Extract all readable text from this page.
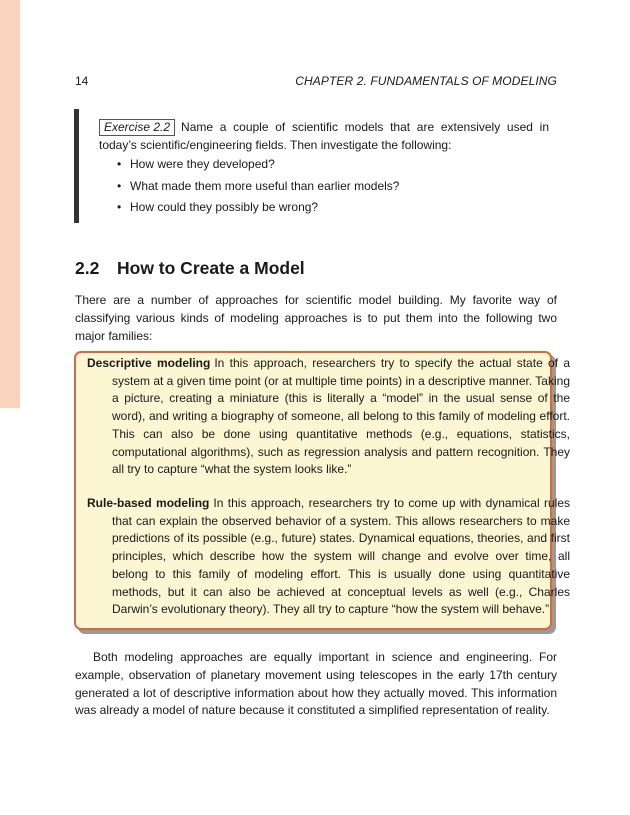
14	CHAPTER 2. FUNDAMENTALS OF MODELING
Exercise 2.2 Name a couple of scientific models that are extensively used in today’s scientific/engineering fields. Then investigate the following:
• How were they developed?
• What made them more useful than earlier models?
• How could they possibly be wrong?
2.2 How to Create a Model

There are a number of approaches for scientific model building. My favorite way of classifying various kinds of modeling approaches is to put them into the following two major families:

Descriptive modeling In this approach, researchers try to specify the actual state of a system at a given time point (or at multiple time points) in a descriptive manner. Taking a picture, creating a miniature (this is literally a “model” in the usual sense of the word), and writing a biography of someone, all belong to this family of modeling effort. This can also be done using quantitative methods (e.g., equations, statistics, computational algorithms), such as regression analysis and pattern recognition. They all try to capture “what the system looks like.”

Rule-based modeling In this approach, researchers try to come up with dynamical rules that can explain the observed behavior of a system. This allows researchers to make predictions of its possible (e.g., future) states. Dynamical equations, theories, and first principles, which describe how the system will change and evolve over time, all belong to this family of modeling effort. This is usually done using quantitative methods, but it can also be achieved at conceptual levels as well (e.g., Charles Darwin’s evolutionary theory). They all try to capture “how the system will behave.”

Both modeling approaches are equally important in science and engineering. For example, observation of planetary movement using telescopes in the early 17th century generated a lot of descriptive information about how they actually moved. This information was already a model of nature because it constituted a simplified representation of reality.
